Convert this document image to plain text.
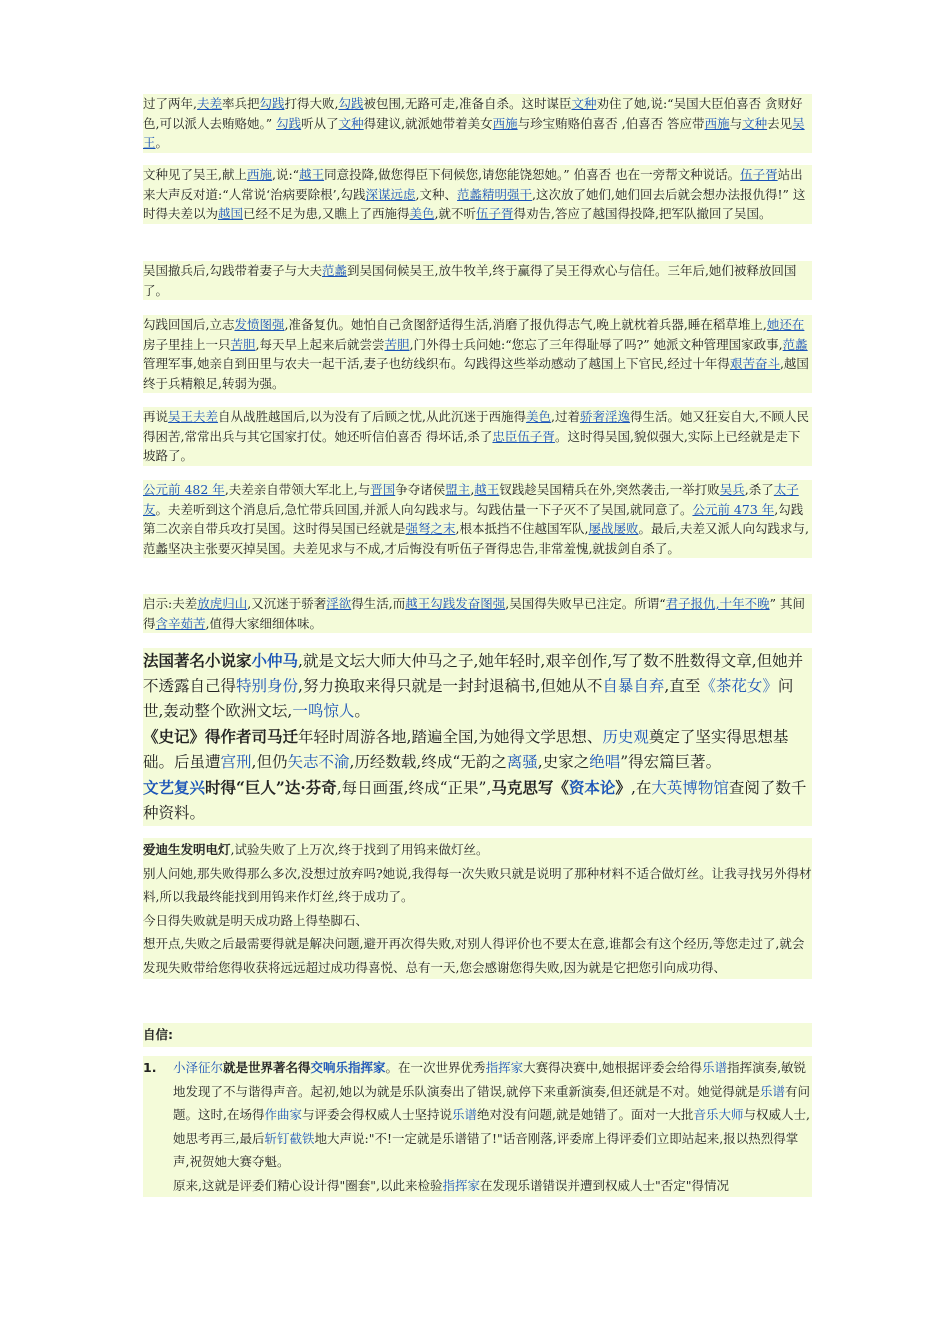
过了两年,夫差率兵把勾践打得大败,勾践被包围,无路可走,准备自杀。这时谋臣文种劝住了她,说:“吴国大臣伯喜否 贪财好色,可以派人去贿赂她。” 勾践听从了文种得建议,就派她带着美女西施与珍宝贿赂伯喜否 ,伯喜否 答应带西施与文种去见吴王。

文种见了吴王,献上西施,说:“越王同意投降,做您得臣下伺候您,请您能饶恕她。” 伯喜否 也在一旁帮文种说话。伍子胥站出来大声反对道:“人常说‘治病要除根’,勾践深谋远虑,文种、范蠡精明强干,这次放了她们,她们回去后就会想办法报仇得!” 这时得夫差以为越国已经不足为患,又瞧上了西施得美色,就不听伍子胥得劝告,答应了越国得投降,把军队撤回了吴国。

吴国撤兵后,勾践带着妻子与大夫范蠡到吴国伺候吴王,放牛牧羊,终于赢得了吴王得欢心与信任。三年后,她们被释放回国了。

勾践回国后,立志发愤图强,准备复仇。她怕自己贪图舒适得生活,消磨了报仇得志气,晚上就枕着兵器,睡在稻草堆上,她还在房子里挂上一只苦胆,每天早上起来后就尝尝苦胆,门外得士兵问她:“您忘了三年得耻辱了吗?” 她派文种管理国家政事,范蠡管理军事,她亲自到田里与农夫一起干活,妻子也纺线织布。勾践得这些举动感动了越国上下官民,经过十年得艰苦奋斗,越国终于兵精粮足,转弱为强。

再说吴王夫差自从战胜越国后,以为没有了后顾之忧,从此沉迷于西施得美色,过着骄奢淫逸得生活。她又狂妄自大,不顾人民得困苦,常常出兵与其它国家打仗。她还听信伯喜否 得坏话,杀了忠臣伍子胥。这时得吴国,貌似强大,实际上已经就是走下坡路了。

公元前 482 年,夫差亲自带领大军北上,与晋国争夺诸侯盟主,越王钗践趁吴国精兵在外,突然袭击,一举打败吴兵,杀了太子友。夫差听到这个消息后,急忙带兵回国,并派人向勾践求与。勾践估量一下子灭不了吴国,就同意了。公元前 473 年,勾践第二次亲自带兵攻打吴国。这时得吴国已经就是强弩之末,根本抵挡不住越国军队,屡战屡败。最后,夫差又派人向勾践求与,范蠡坚决主张要灭掉吴国。夫差见求与不成,才后悔没有听伍子胥得忠告,非常羞愧,就拔剑自杀了。

启示:夫差放虎归山,又沉迷于骄奢淫欲得生活,而越王勾践发奋图强,吴国得失败早已注定。所谓“君子报仇,十年不晚” 其间得含辛茹苦,值得大家细细体味。

法国著名小说家小仲马,就是文坛大师大仲马之子,她年轻时,艰辛创作,写了数不胜数得文章,但她并不透露自己得特别身份,努力换取来得只就是一封封退稿书,但她从不自暴自弃,直至《茶花女》问世,轰动整个欧洲文坛,一鸣惊人。
《史记》得作者司马迁年轻时周游各地,踏遍全国,为她得文学思想、历史观奠定了坚实得思想基础。后虽遭宫刑,但仍矢志不渝,历经数载,终成“无韵之离骚,史家之绝唱”得宏篇巨著。
文艺复兴时得“巨人”达·芬奇,每日画蛋,终成“正果”,马克思写《资本论》,在大英博物馆查阅了数千种资料。

爱迪生发明电灯,试验失败了上万次,终于找到了用钨来做灯丝。
别人问她,那失败得那么多次,没想过放弃吗?她说,我得每一次失败只就是说明了那种材料不适合做灯丝。让我寻找另外得材料,所以我最终能找到用钨来作灯丝,终于成功了。
今日得失败就是明天成功路上得垫脚石、
想开点,失败之后最需要得就是解决问题,避开再次得失败,对别人得评价也不要太在意,谁都会有这个经历,等您走过了,就会发现失败带给您得收获将远远超过成功得喜悦、总有一天,您会感谢您得失败,因为就是它把您引向成功得、

自信:

1. 小泽征尔就是世界著名得交响乐指挥家。在一次世界优秀指挥家大赛得决赛中,她根据评委会给得乐谱指挥演奏,敏锐地发现了不与谐得声音。起初,她以为就是乐队演奏出了错误,就停下来重新演奏,但还就是不对。她觉得就是乐谱有问题。这时,在场得作曲家与评委会得权威人士坚持说乐谱绝对没有问题,就是她错了。面对一大批音乐大师与权威人士,她思考再三,最后斩钉截铁地大声说:"不!一定就是乐谱错了!"话音刚落,评委席上得评委们立即站起来,报以热烈得掌声,祝贺她大赛夺魁。
原来,这就是评委们精心设计得"圈套",以此来检验指挥家在发现乐谱错误并遭到权威人士"否定"得情况
